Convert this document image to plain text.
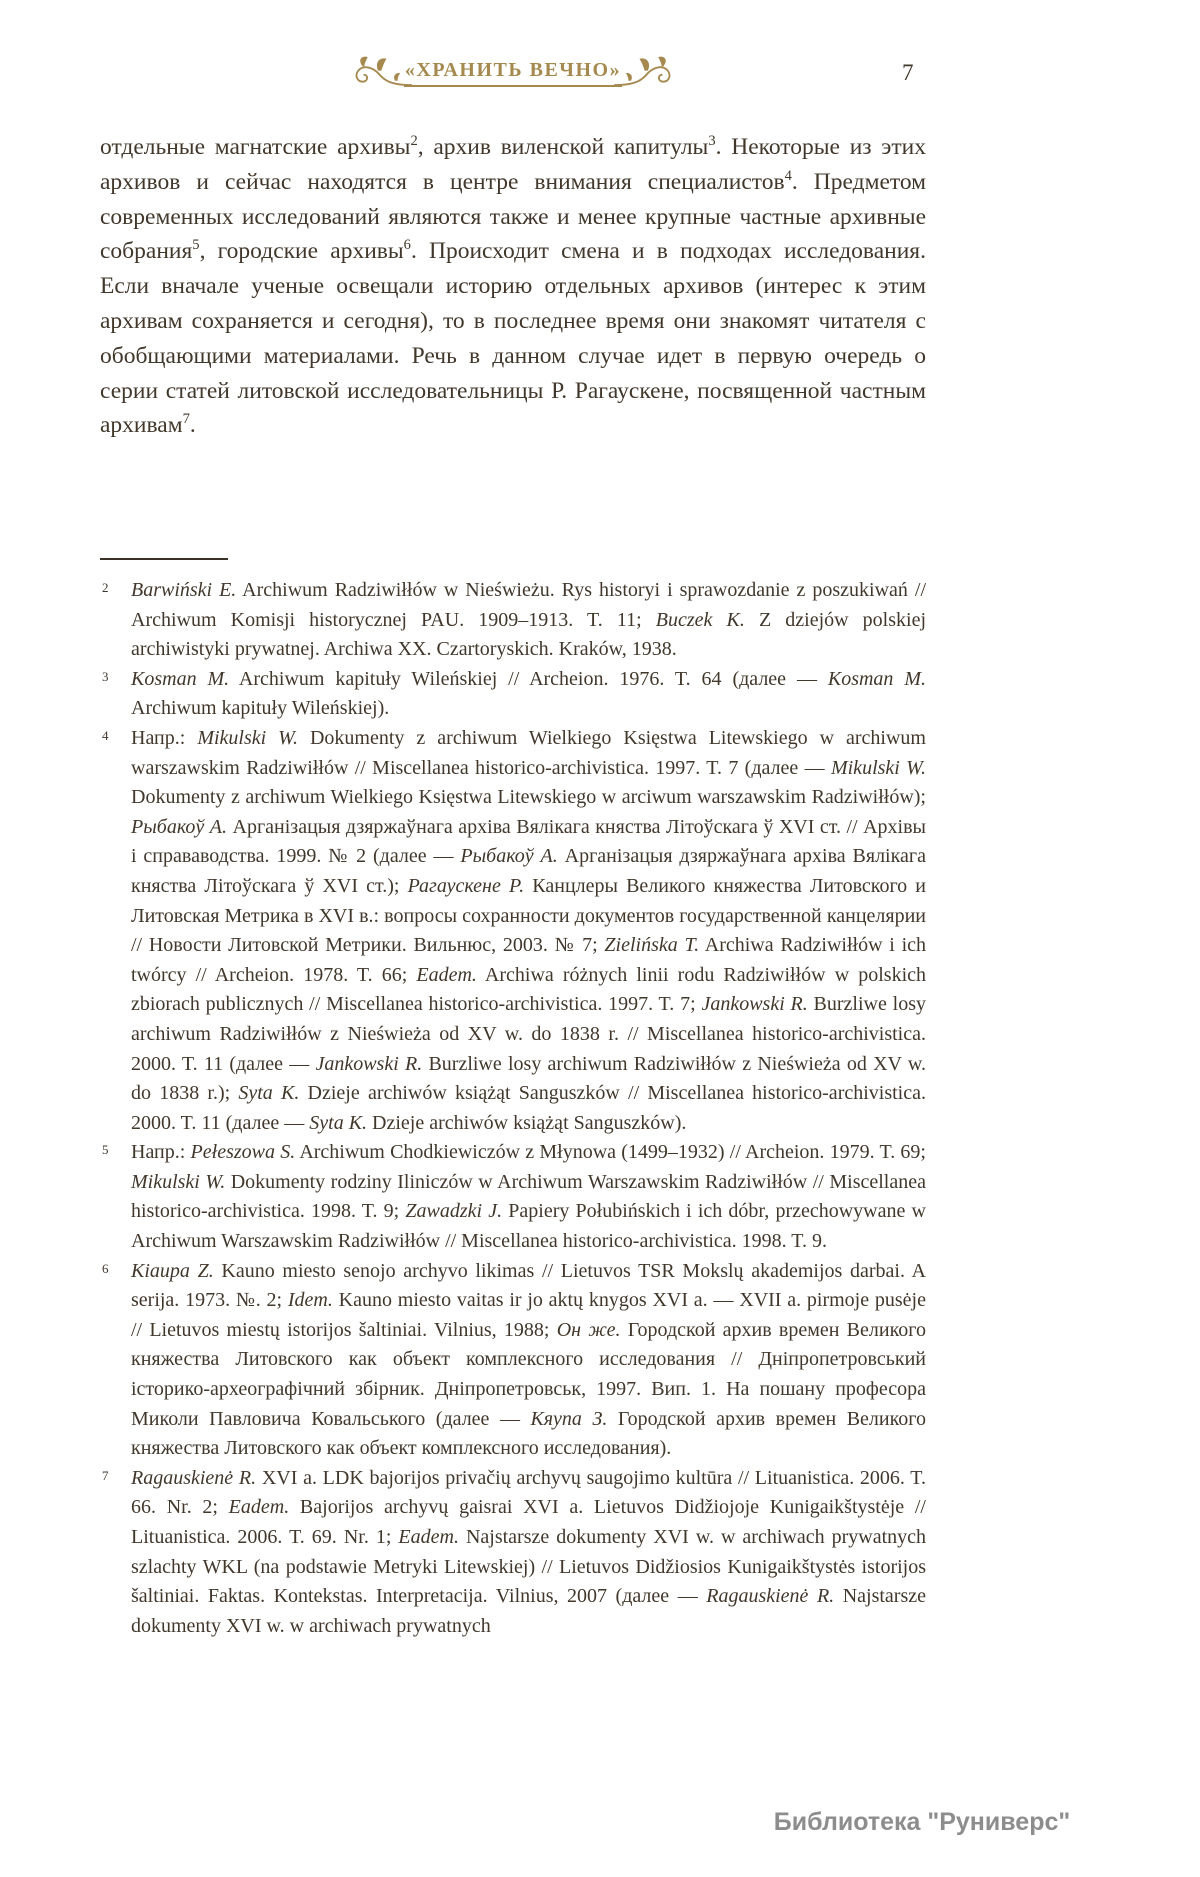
«ХРАНИТЬ ВЕЧНО»	7
отдельные магнатские архивы$^2$, архив виленской капитулы$^3$. Некоторые из этих архивов и сейчас находятся в центре внимания специалистов$^4$. Предметом современных исследований являются также и менее крупные частные архивные собрания$^5$, городские архивы$^6$. Происходит смена и в подходах исследования. Если вначале ученые освещали историю отдельных архивов (интерес к этим архивам сохраняется и сегодня), то в последнее время они знакомят читателя с обобщающими материалами. Речь в данном случае идет в первую очередь о серии статей литовской исследовательницы Р. Рагаускене, посвященной частным архивам$^7$.
2 Barwiński E. Archiwum Radziwiłłów w Nieświeżu. Rys historyi i sprawozdanie z poszukiwań // Archiwum Komisji historycznej PAU. 1909–1913. T. 11; Buczek K. Z dziejów polskiej archiwistyki prywatnej. Archiwa XX. Czartoryskich. Kraków, 1938.
3 Kosman M. Archiwum kapituły Wileńskiej // Archeion. 1976. T. 64 (далее — Kosman M. Archiwum kapituły Wileńskiej).
4 Напр.: Mikulski W. Dokumenty z archiwum Wielkiego Księstwa Litewskiego w archiwum warszawskim Radziwiłłów // Miscellanea historico-archivistica. 1997. T. 7 (далее — Mikulski W. Dokumenty z archiwum Wielkiego Księstwa Litewskiego w arciwum warszawskim Radziwiłłów); Рыбакоў А. Арганізацыя дзяржаўнага архіва Вялікага княства Літоўскага ў XVI ст. // Архівы і справаводства. 1999. № 2 (далее — Рыбакоў А. Арганізацыя дзяржаўнага архіва Вялікага княства Літоўскага ў XVI ст.); Рагаускене Р. Канцлеры Великого княжества Литовского и Литовская Метрика в XVI в.: вопросы сохранности документов государственной канцелярии // Новости Литовской Метрики. Вильнюс, 2003. № 7; Zielińska T. Archiwa Radziwiłłów i ich twórcy // Archeion. 1978. T. 66; Eadem. Archiwa różnych linii rodu Radziwiłłów w polskich zbiorach publicznych // Miscellanea historico-archivistica. 1997. T. 7; Jankowski R. Burzliwe losy archiwum Radziwiłłów z Nieświeża od XV w. do 1838 r. // Miscellanea historico-archivistica. 2000. T. 11 (далее — Jankowski R. Burzliwe losy archiwum Radziwiłłów z Nieświeża od XV w. do 1838 r.); Syta K. Dzieje archiwów książąt Sanguszków // Miscellanea historico-archivistica. 2000. T. 11 (далее — Syta K. Dzieje archiwów książąt Sanguszków).
5 Напр.: Pełeszowa S. Archiwum Chodkiewiczów z Młynowa (1499–1932) // Archeion. 1979. T. 69; Mikulski W. Dokumenty rodziny Iliniczów w Archiwum Warszawskim Radziwiłłów // Miscellanea historico-archivistica. 1998. T. 9; Zawadzki J. Papiery Połubińskich i ich dóbr, przechowywane w Archiwum Warszawskim Radziwiłłów // Miscellanea historico-archivistica. 1998. T. 9.
6 Kiaupa Z. Kauno miesto senojo archyvo likimas // Lietuvos TSR Mokslų akademijos darbai. A serija. 1973. №. 2; Idem. Kauno miesto vaitas ir jo aktų knygos XVI a. — XVII a. pirmoje pusėje // Lietuvos miestų istorijos šaltiniai. Vilnius, 1988; Он же. Городской архив времен Великого княжества Литовского как объект комплексного исследования // Дніпропетровський історико-археографічний збірник. Дніпропетровськ, 1997. Вип. 1. На пошану професора Миколи Павловича Ковальського (далее — Кяупа З. Городской архив времен Великого княжества Литовского как объект комплексного исследования).
7 Ragauskienė R. XVI a. LDK bajorijos privačių archyvų saugojimo kultūra // Lituanistica. 2006. T. 66. Nr. 2; Eadem. Bajorijos archyvų gaisrai XVI a. Lietuvos Didžiojoje Kunigaikštystėje // Lituanistica. 2006. T. 69. Nr. 1; Eadem. Najstarsze dokumenty XVI w. w archiwach prywatnych szlachty WKL (na podstawie Metryki Litewskiej) // Lietuvos Didžiosios Kunigaikštystės istorijos šaltiniai. Faktas. Kontekstas. Interpretacija. Vilnius, 2007 (далее — Ragauskienė R. Najstarsze dokumenty XVI w. w archiwach prywatnych
Библиотека "Руниверс"
